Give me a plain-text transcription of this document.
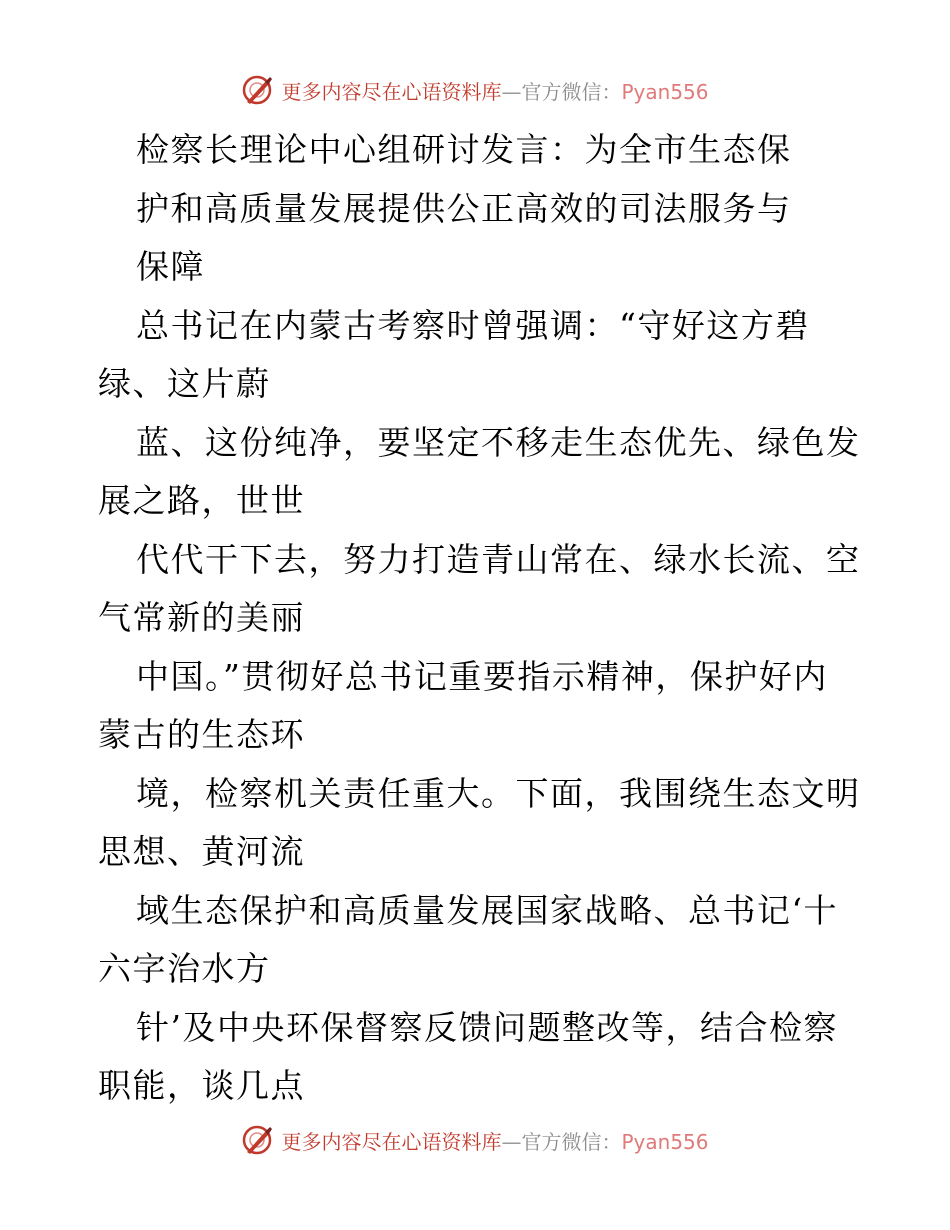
更多内容尽在心语资料库—官方微信：Pyan556
检察长理论中心组研讨发言：为全市生态保
护和高质量发展提供公正高效的司法服务与
保障
总书记在内蒙古考察时曾强调：“守好这方碧
绿、这片蔚
蓝、这份纯净，要坚定不移走生态优先、绿色发
展之路，世世
代代干下去，努力打造青山常在、绿水长流、空
气常新的美丽
中国。”贯彻好总书记重要指示精神，保护好内
蒙古的生态环
境，检察机关责任重大。下面，我围绕生态文明
思想、黄河流
域生态保护和高质量发展国家战略、总书记‘十
六字治水方
针’及中央环保督察反馈问题整改等，结合检察
职能，谈几点
更多内容尽在心语资料库—官方微信：Pyan556
